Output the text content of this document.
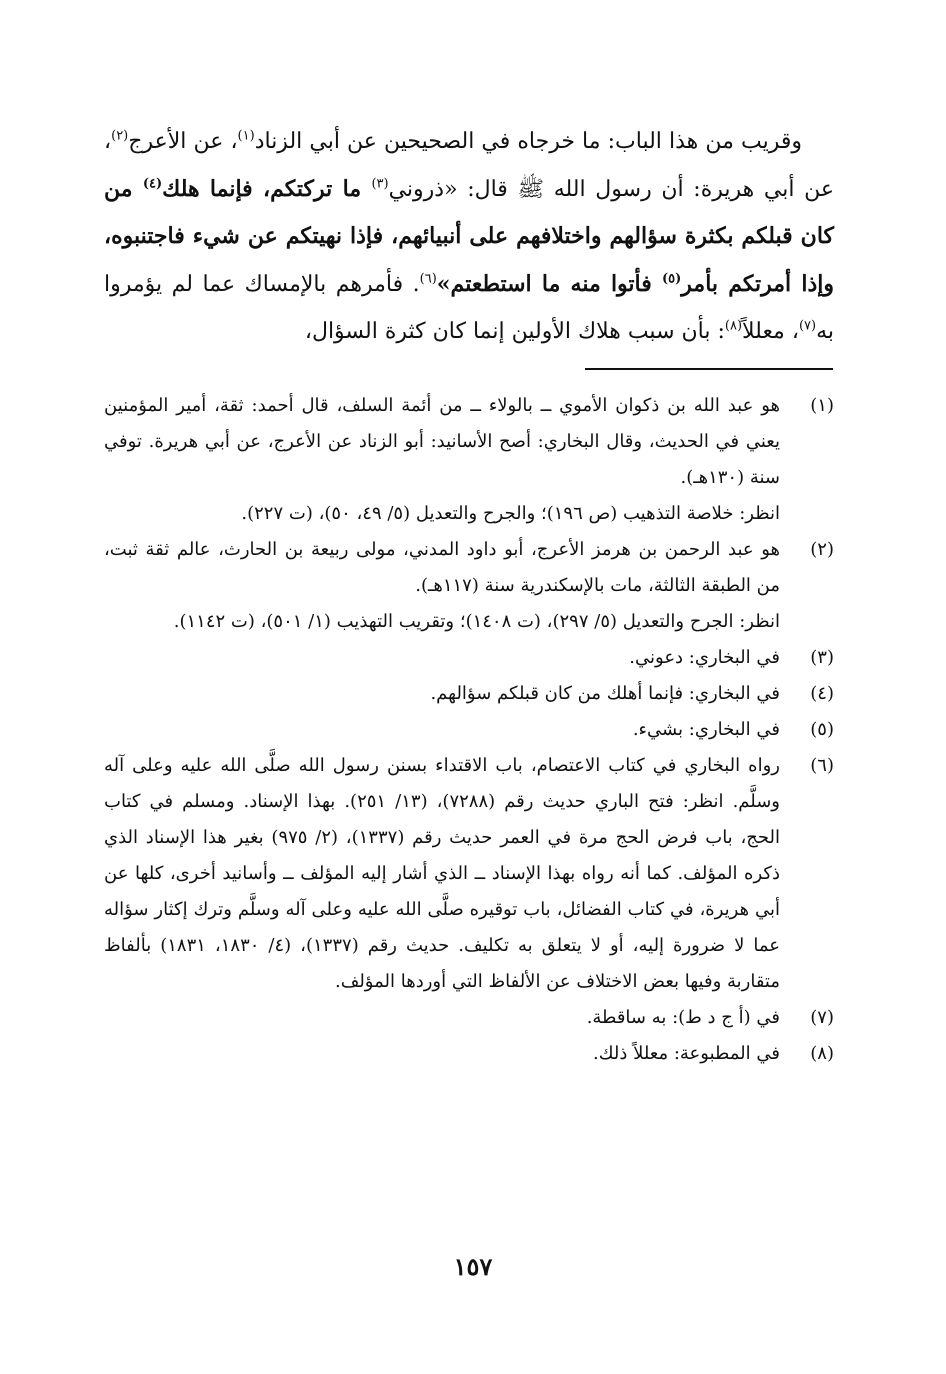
وقريب من هذا الباب: ما خرجاه في الصحيحين عن أبي الزناد$^{(١)}$، عن الأعرج$^{(٢)}$، عن أبي هريرة: أن رسول الله ﷺ قال: «ذروني$^{(٣)}$ ما تركتكم، فإنما هلك$^{(٤)}$ من كان قبلكم بكثرة سؤالهم واختلافهم على أنبيائهم، فإذا نهيتكم عن شيء فاجتنبوه، وإذا أمرتكم بأمر$^{(٥)}$ فأتوا منه ما استطعتم»$^{(٦)}$. فأمرهم بالإمساك عما لم يؤمروا به$^{(٧)}$، معللاً$^{(٨)}$: بأن سبب هلاك الأولين إنما كان كثرة السؤال،

(١)
هو عبد الله بن ذكوان الأموي ــ بالولاء ــ من أئمة السلف، قال أحمد: ثقة، أمير المؤمنين يعني في الحديث، وقال البخاري: أصح الأسانيد: أبو الزناد عن الأعرج، عن أبي هريرة. توفي سنة (١٣٠هـ).
انظر: خلاصة التذهيب (ص ١٩٦)؛ والجرح والتعديل (٥/ ٤٩، ٥٠)، (ت ٢٢٧).
(٢)
هو عبد الرحمن بن هرمز الأعرج، أبو داود المدني، مولى ربيعة بن الحارث، عالم ثقة ثبت، من الطبقة الثالثة، مات بالإسكندرية سنة (١١٧هـ).
انظر: الجرح والتعديل (٥/ ٢٩٧)، (ت ١٤٠٨)؛ وتقريب التهذيب (١/ ٥٠١)، (ت ١١٤٢).
(٣)
في البخاري: دعوني.
(٤)
في البخاري: فإنما أهلك من كان قبلكم سؤالهم.
(٥)
في البخاري: بشيء.
(٦)
رواه البخاري في كتاب الاعتصام، باب الاقتداء بسنن رسول الله صلَّى الله عليه وعلى آله وسلَّم. انظر: فتح الباري حديث رقم (٧٢٨٨)، (١٣/ ٢٥١). بهذا الإسناد. ومسلم في كتاب الحج، باب فرض الحج مرة في العمر حديث رقم (١٣٣٧)، (٢/ ٩٧٥) بغير هذا الإسناد الذي ذكره المؤلف. كما أنه رواه بهذا الإسناد ــ الذي أشار إليه المؤلف ــ وأسانيد أخرى، كلها عن أبي هريرة، في كتاب الفضائل، باب توقيره صلَّى الله عليه وعلى آله وسلَّم وترك إكثار سؤاله عما لا ضرورة إليه، أو لا يتعلق به تكليف. حديث رقم (١٣٣٧)، (٤/ ١٨٣٠، ١٨٣١) بألفاظ متقاربة وفيها بعض الاختلاف عن الألفاظ التي أوردها المؤلف.
(٧)
في (أ ج د ط): به ساقطة.
(٨)
في المطبوعة: معللاً ذلك.
١٥٧
